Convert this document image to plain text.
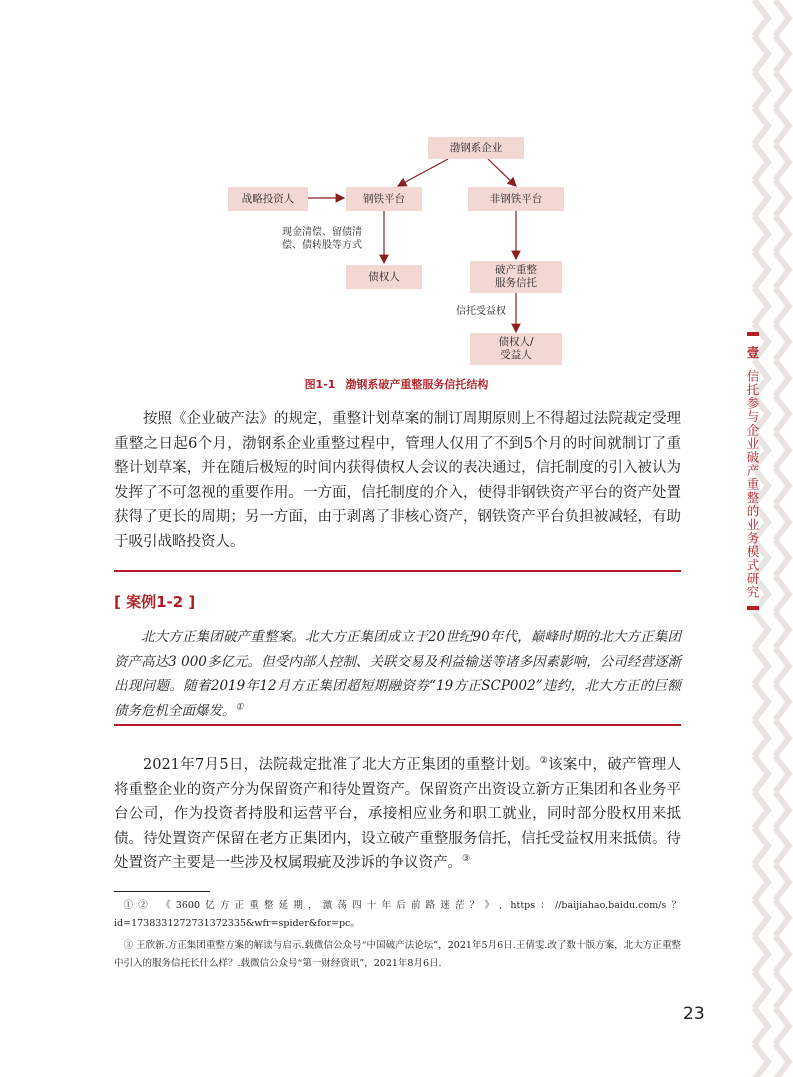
壹信托参与企业破产重整的业务模式研究
渤钢系企业
战略投资人	钢铁平台	非钢铁平台
债权人
破产重整
服务信托
债权人/
受益人
现金清偿、留债清
偿、债转股等方式
信托受益权
图1-1 渤钢系破产重整服务信托结构

按照《企业破产法》的规定，重整计划草案的制订周期原则上不得超过法院裁定受理重整之日起6个月，渤钢系企业重整过程中，管理人仅用了不到5个月的时间就制订了重整计划草案，并在随后极短的时间内获得债权人会议的表决通过，信托制度的引入被认为发挥了不可忽视的重要作用。一方面，信托制度的介入，使得非钢铁资产平台的资产处置获得了更长的周期；另一方面，由于剥离了非核心资产，钢铁资产平台负担被减轻，有助于吸引战略投资人。

[ 案例1-2 ]

北大方正集团破产重整案。北大方正集团成立于20世纪90年代，巅峰时期的北大方正集团资产高达3 000多亿元。但受内部人控制、关联交易及利益输送等诸多因素影响，公司经营逐渐出现问题。随着2019年12月方正集团超短期融资券“19方正SCP002”违约，北大方正的巨额债务危机全面爆发。①

2021年7月5日，法院裁定批准了北大方正集团的重整计划。②该案中，破产管理人将重整企业的资产分为保留资产和待处置资产。保留资产出资设立新方正集团和各业务平台公司，作为投资者持股和运营平台，承接相应业务和职工就业，同时部分股权用来抵债。待处置资产保留在老方正集团内，设立破产重整服务信托，信托受益权用来抵债。待处置资产主要是一些涉及权属瑕疵及涉诉的争议资产。③

①② 《3600亿方正重整延期，激荡四十年后前路迷茫？》, https：//baijiahao.baidu.com/s？id=1738331272731372335&wfr=spider&for=pc。

③ 王欣新.方正集团重整方案的解读与启示.载微信公众号“中国破产法论坛”，2021年5月6日.王倩雯.改了数十版方案，北大方正重整中引入的服务信托长什么样？.载微信公众号“第一财经资讯”，2021年8月6日.

23
